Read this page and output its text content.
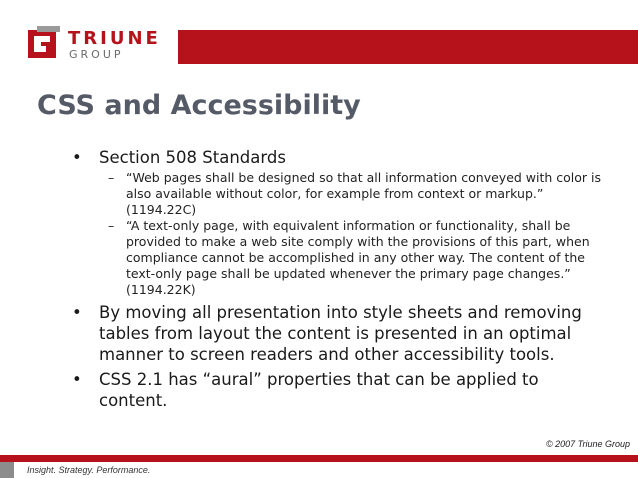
TRIUNE
GROUP
CSS and Accessibility
• Section 508 Standards
– “Web pages shall be designed so that all information conveyed with color is also available without color, for example from context or markup.” (1194.22C)
– “A text-only page, with equivalent information or functionality, shall be provided to make a web site comply with the provisions of this part, when compliance cannot be accomplished in any other way. The content of the text-only page shall be updated whenever the primary page changes.” (1194.22K)
• By moving all presentation into style sheets and removing tables from layout the content is presented in an optimal manner to screen readers and other accessibility tools.
• CSS 2.1 has “aural” properties that can be applied to content.
© 2007 Triune Group
Insight. Strategy. Performance.
